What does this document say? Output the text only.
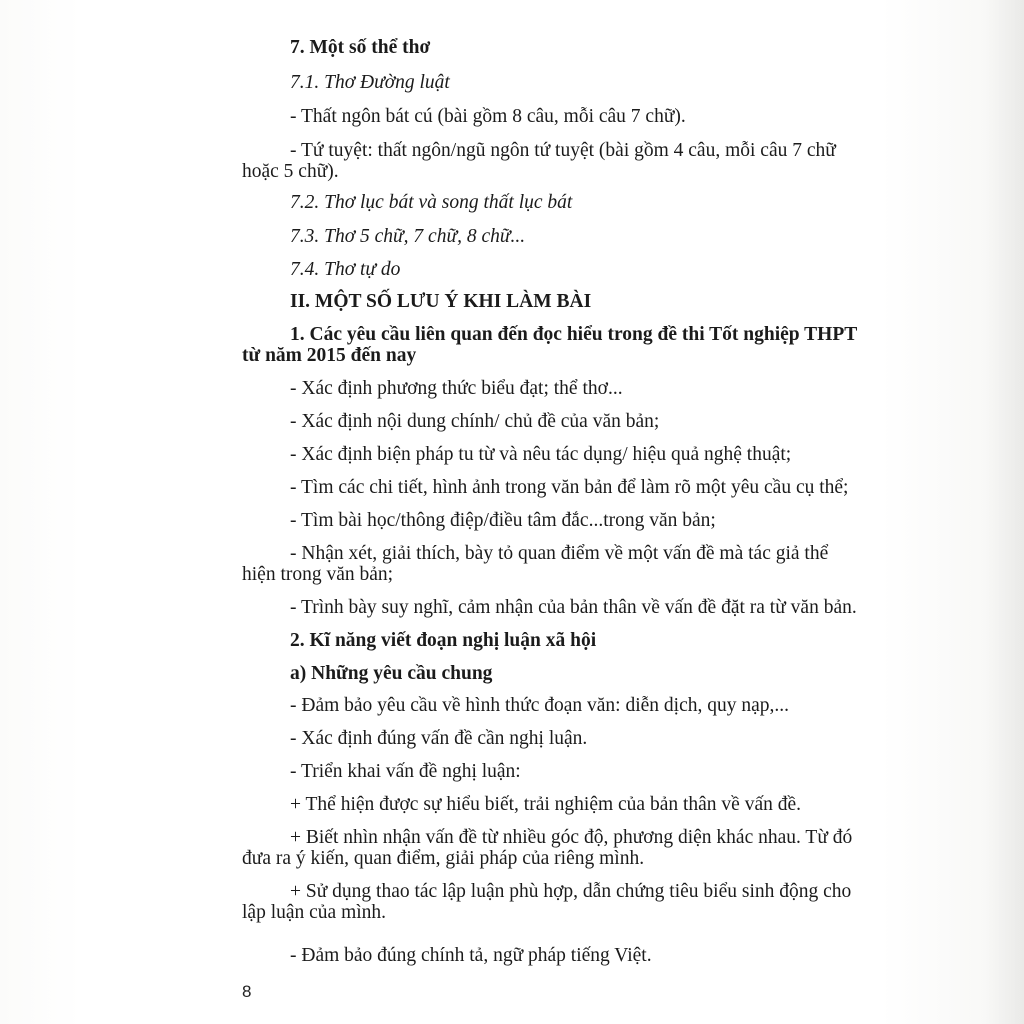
7. Một số thể thơ
7.1. Thơ Đường luật
- Thất ngôn bát cú (bài gồm 8 câu, mỗi câu 7 chữ).
- Tứ tuyệt: thất ngôn/ngũ ngôn tứ tuyệt (bài gồm 4 câu, mỗi câu 7 chữ
hoặc 5 chữ).
7.2. Thơ lục bát và song thất lục bát
7.3. Thơ 5 chữ, 7 chữ, 8 chữ...
7.4. Thơ tự do
II. MỘT SỐ LƯU Ý KHI LÀM BÀI
1. Các yêu cầu liên quan đến đọc hiểu trong đề thi Tốt nghiệp THPT
từ năm 2015 đến nay
- Xác định phương thức biểu đạt; thể thơ...
- Xác định nội dung chính/ chủ đề của văn bản;
- Xác định biện pháp tu từ và nêu tác dụng/ hiệu quả nghệ thuật;
- Tìm các chi tiết, hình ảnh trong văn bản để làm rõ một yêu cầu cụ thể;
- Tìm bài học/thông điệp/điều tâm đắc...trong văn bản;
- Nhận xét, giải thích, bày tỏ quan điểm về một vấn đề mà tác giả thể
hiện trong văn bản;
- Trình bày suy nghĩ, cảm nhận của bản thân về vấn đề đặt ra từ văn bản.
2. Kĩ năng viết đoạn nghị luận xã hội
a) Những yêu cầu chung
- Đảm bảo yêu cầu về hình thức đoạn văn: diễn dịch, quy nạp,...
- Xác định đúng vấn đề cần nghị luận.
- Triển khai vấn đề nghị luận:
+ Thể hiện được sự hiểu biết, trải nghiệm của bản thân về vấn đề.
+ Biết nhìn nhận vấn đề từ nhiều góc độ, phương diện khác nhau. Từ đó
đưa ra ý kiến, quan điểm, giải pháp của riêng mình.
+ Sử dụng thao tác lập luận phù hợp, dẫn chứng tiêu biểu sinh động cho
lập luận của mình.
- Đảm bảo đúng chính tả, ngữ pháp tiếng Việt.
8
